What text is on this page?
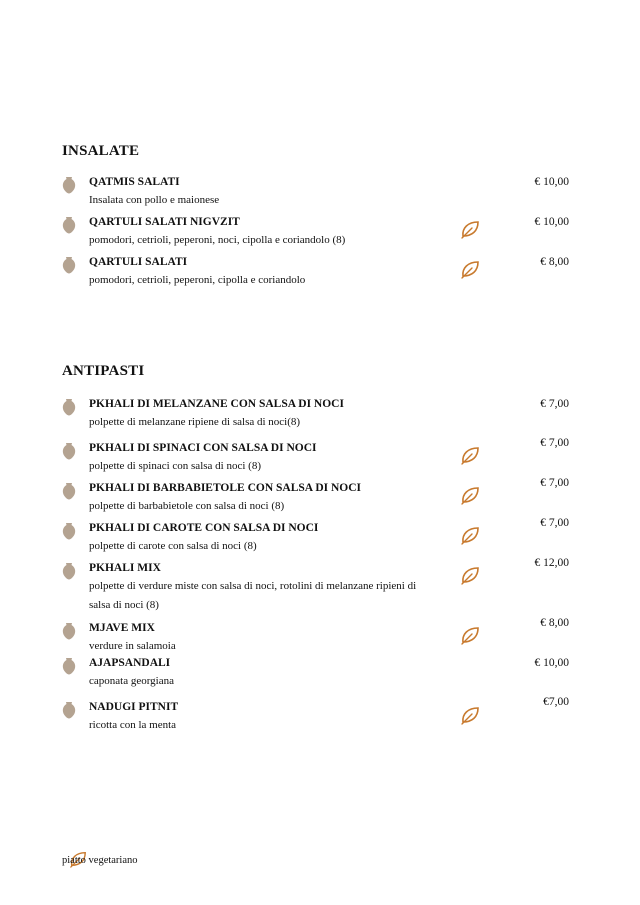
INSALATE
ANTIPASTI
QATMIS SALATI
Insalata con pollo e maionese
€ 10,00
QARTULI SALATI NIGVZIT
pomodori, cetrioli, peperoni, noci, cipolla e coriandolo (8)
€ 10,00
QARTULI SALATI
pomodori, cetrioli, peperoni, cipolla e coriandolo
€ 8,00
PKHALI DI MELANZANE CON SALSA DI NOCI
polpette di melanzane ripiene di salsa di noci(8)
€ 7,00
PKHALI DI SPINACI CON SALSA DI NOCI
polpette di spinaci con salsa di noci (8)
€ 7,00
PKHALI DI BARBABIETOLE CON SALSA DI NOCI
polpette di barbabietole con salsa di noci (8)
€ 7,00
PKHALI DI CAROTE CON SALSA DI NOCI
polpette di carote con salsa di noci (8)
€ 7,00
PKHALI MIX
polpette di verdure miste con salsa di noci, rotolini di melanzane ripieni di
salsa di noci (8)
€ 12,00
MJAVE MIX
verdure in salamoia
€ 8,00
AJAPSANDALI
caponata georgiana
€ 10,00
NADUGI PITNIT
ricotta con la menta
€7,00
piatto vegetariano
